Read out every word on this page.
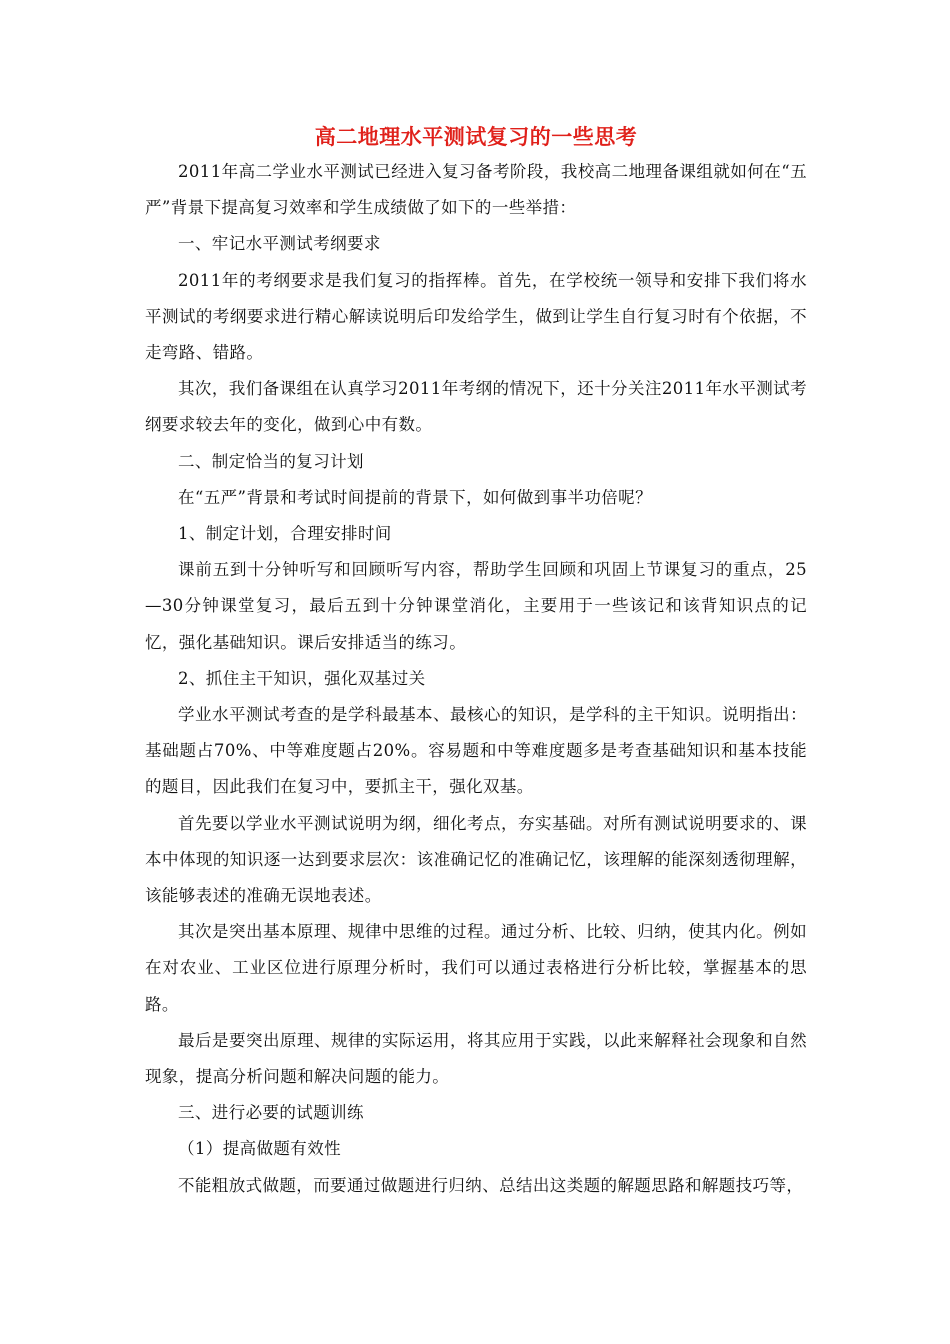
高二地理水平测试复习的一些思考

2011年高二学业水平测试已经进入复习备考阶段，我校高二地理备课组就如何在“五严”背景下提高复习效率和学生成绩做了如下的一些举措：

一、牢记水平测试考纲要求

2011年的考纲要求是我们复习的指挥棒。首先，在学校统一领导和安排下我们将水平测试的考纲要求进行精心解读说明后印发给学生，做到让学生自行复习时有个依据，不走弯路、错路。

其次，我们备课组在认真学习2011年考纲的情况下，还十分关注2011年水平测试考纲要求较去年的变化，做到心中有数。

二、制定恰当的复习计划

在“五严”背景和考试时间提前的背景下，如何做到事半功倍呢？

1、制定计划，合理安排时间

课前五到十分钟听写和回顾听写内容，帮助学生回顾和巩固上节课复习的重点，25—30分钟课堂复习，最后五到十分钟课堂消化，主要用于一些该记和该背知识点的记忆，强化基础知识。课后安排适当的练习。

2、抓住主干知识，强化双基过关

学业水平测试考查的是学科最基本、最核心的知识，是学科的主干知识。说明指出：基础题占70%、中等难度题占20%。容易题和中等难度题多是考查基础知识和基本技能的题目，因此我们在复习中，要抓主干，强化双基。

首先要以学业水平测试说明为纲，细化考点，夯实基础。对所有测试说明要求的、课本中体现的知识逐一达到要求层次：该准确记忆的准确记忆，该理解的能深刻透彻理解，该能够表述的准确无误地表述。

其次是突出基本原理、规律中思维的过程。通过分析、比较、归纳，使其内化。例如在对农业、工业区位进行原理分析时，我们可以通过表格进行分析比较，掌握基本的思路。

最后是要突出原理、规律的实际运用，将其应用于实践，以此来解释社会现象和自然现象，提高分析问题和解决问题的能力。

三、进行必要的试题训练

（1）提高做题有效性

不能粗放式做题，而要通过做题进行归纳、总结出这类题的解题思路和解题技巧等，
